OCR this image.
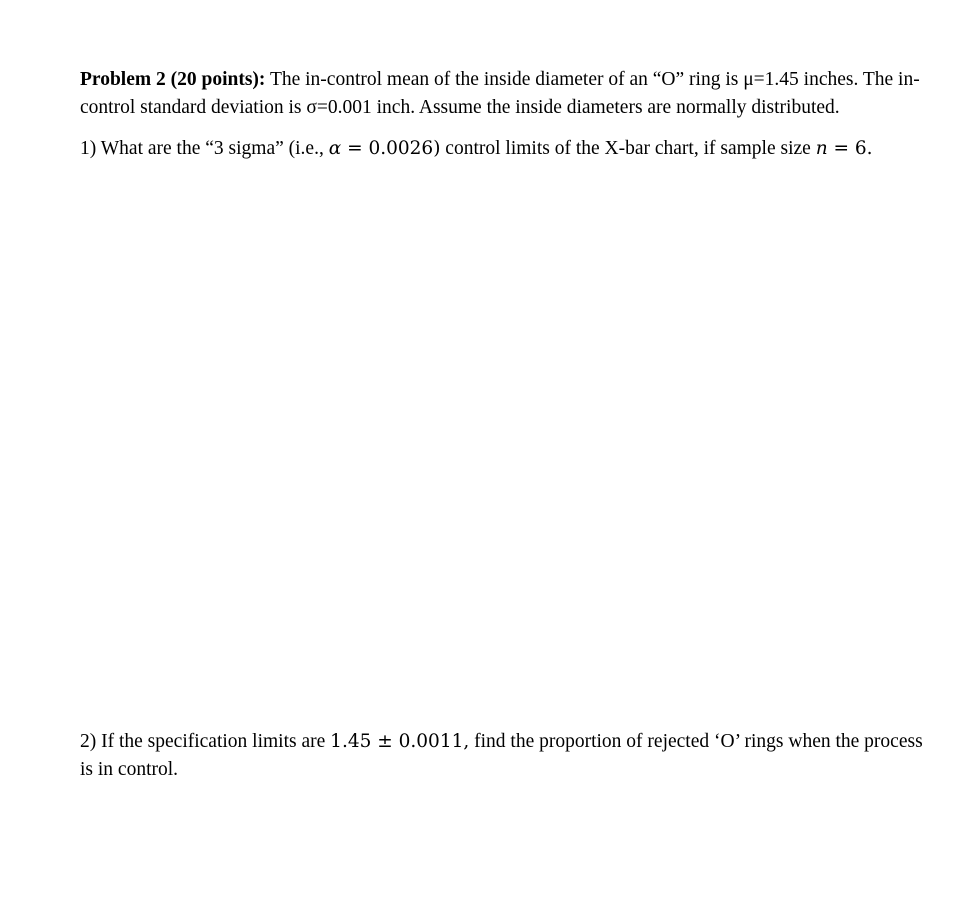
Problem 2 (20 points): The in-control mean of the inside diameter of an “O” ring is μ=1.45 inches. The in-control standard deviation is σ=0.001 inch. Assume the inside diameters are normally distributed.

1) What are the “3 sigma” (i.e., α = 0.0026) control limits of the X-bar chart, if sample size n = 6.

2) If the specification limits are 1.45 ± 0.0011, find the proportion of rejected ‘O’ rings when the process is in control.
